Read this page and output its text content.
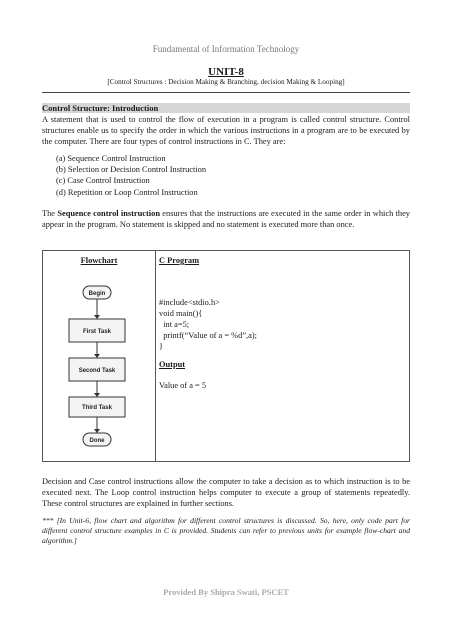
Fundamental of Information Technology
UNIT-8
[Control Structures : Decision Making & Branching, decision Making & Looping]
Control Structure: Introduction
A statement that is used to control the flow of execution in a program is called control structure. Control structures enable us to specify the order in which the various instructions in a program are to be executed by the computer. There are four types of control instructions in C. They are:
(a) Sequence Control Instruction
(b) Selection or Decision Control Instruction
(c) Case Control Instruction
(d) Repetition or Loop Control Instruction
The Sequence control instruction ensures that the instructions are executed in the same order in which they appear in the program. No statement is skipped and no statement is executed more than once.
Flowchart	C Program
Begin
First Task
Second Task
Third Task
Done
#include<stdio.h>
void main(){
int a=5;
printf(“Value of a = %d”,a);
}
Output
Value of a = 5
Decision and Case control instructions allow the computer to take a decision as to which instruction is to be executed next. The Loop control instruction helps computer to execute a group of statements repeatedly. These control structures are explained in further sections.
*** [In Unit-6, flow chart and algorithm for different control structures is discussed. So, here, only code part for different control structure examples in C is provided. Students can refer to previous units for example flow-chart and algorithm.]
Provided By Shipra Swati, PSCET
